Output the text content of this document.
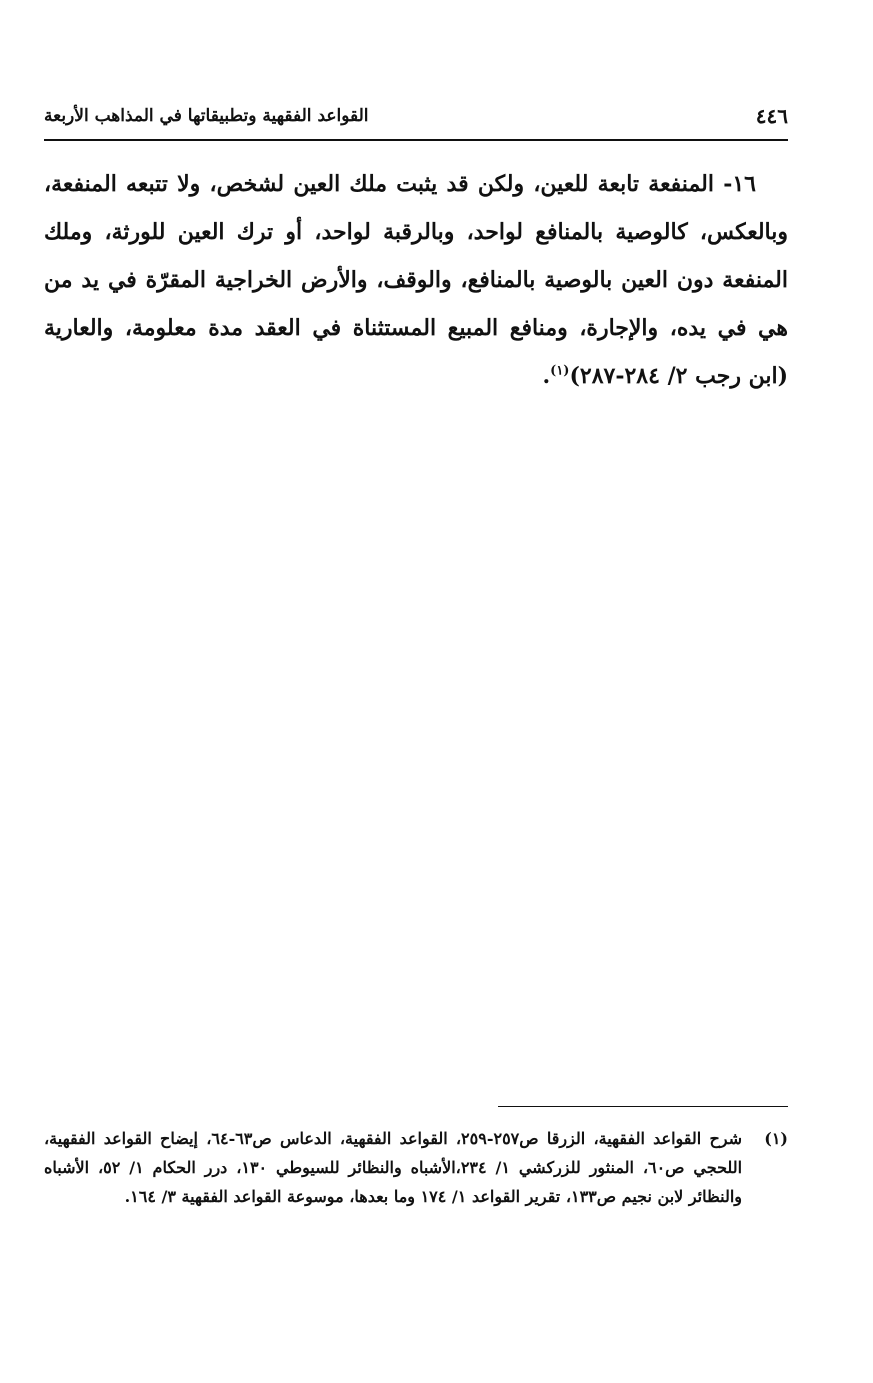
٤٤٦
القواعد الفقهية وتطبيقاتها في المذاهب الأربعة

١٦- المنفعة تابعة للعين، ولكن قد يثبت ملك العين لشخص، ولا تتبعه المنفعة، وبالعكس، كالوصية بالمنافع لواحد، وبالرقبة لواحد، أو ترك العين للورثة، وملك المنفعة دون العين بالوصية بالمنافع، والوقف، والأرض الخراجية المقرّة في يد من هي في يده، والإجارة، ومنافع المبيع المستثناة في العقد مدة معلومة، والعارية (ابن رجب ٢/ ٢٨٤-٢٨٧)$^{(١)}$.

(١)
شرح القواعد الفقهية، الزرقا ص٢٥٧-٢٥٩، القواعد الفقهية، الدعاس ص٦٣-٦٤، إيضاح القواعد الفقهية، اللحجي ص٦٠، المنثور للزركشي ١/ ٢٣٤،الأشباه والنظائر للسيوطي ١٣٠، درر الحكام ١/ ٥٢، الأشباه والنظائر لابن نجيم ص١٣٣، تقرير القواعد ١/ ١٧٤ وما بعدها، موسوعة القواعد الفقهية ٣/ ١٦٤.
